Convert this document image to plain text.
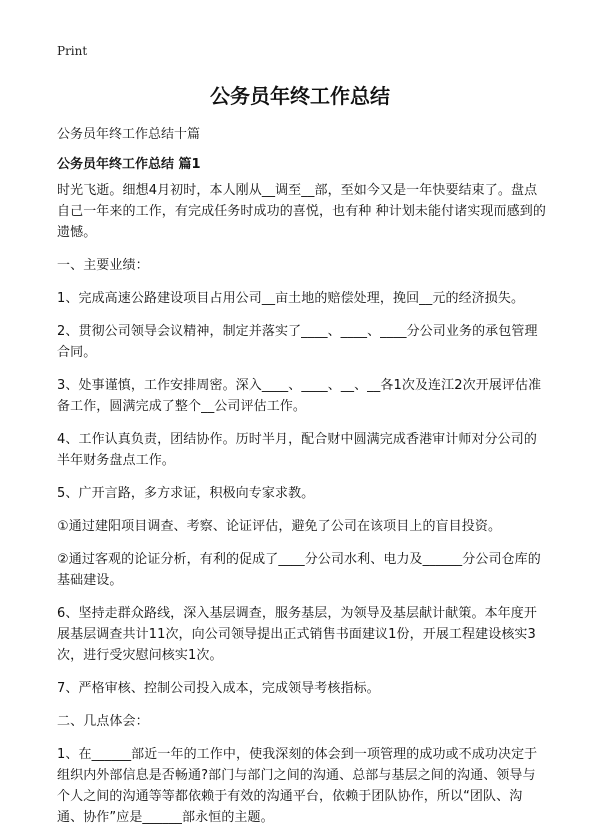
Print
公务员年终工作总结
公务员年终工作总结十篇
公务员年终工作总结 篇1

时光飞逝。细想4月初时，本人刚从__调至__部，至如今又是一年快要结束了。盘点自己一年来的工作，有完成任务时成功的喜悦，也有种 种计划未能付诸实现而感到的遗憾。

一、主要业绩：

1、完成高速公路建设项目占用公司__亩土地的赔偿处理，挽回__元的经济损失。

2、贯彻公司领导会议精神，制定并落实了____、____、____分公司业务的承包管理合同。

3、处事谨慎，工作安排周密。深入____、____、__、__各1次及连江2次开展评估准备工作，圆满完成了整个__公司评估工作。

4、工作认真负责，团结协作。历时半月，配合财中圆满完成香港审计师对分公司的半年财务盘点工作。

5、广开言路，多方求证，积极向专家求教。

①通过建阳项目调查、考察、论证评估，避免了公司在该项目上的盲目投资。

②通过客观的论证分析，有利的促成了____分公司水利、电力及______分公司仓库的基础建设。

6、坚持走群众路线，深入基层调查，服务基层，为领导及基层献计献策。本年度开展基层调查共计11次，向公司领导提出正式销售书面建议1份，开展工程建设核实3次，进行受灾慰问核实1次。

7、严格审核、控制公司投入成本，完成领导考核指标。

二、几点体会：

1、在______部近一年的工作中，使我深刻的体会到一项管理的成功或不成功决定于组织内外部信息是否畅通?部门与部门之间的沟通、总部与基层之间的沟通、领导与个人之间的沟通等等都依赖于有效的沟通平台，依赖于团队协作，所以“团队、沟通、协作”应是______部永恒的主题。
